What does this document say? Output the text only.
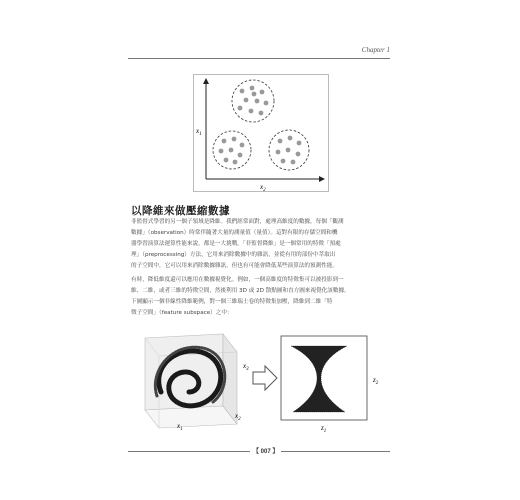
Chapter 1
$x_1$
$x_2$
以降維來做壓縮數據
非監督式學習的另一個子領域是降維。我們經常面對，處理高維度的數據，每個「觀測
數據」（observation）時常伴隨著大量的測量值（量值）。這對有限的存儲空間和機
器學習演算法運算性能來說，都是一大挑戰。「非監督降維」是一個常用的特徵「預處
理」（preprocessing）方法，它用來消除數據中的雜訊，並從有用的部份中萃取出
的子空間中，它可以用來消除數據雜訊，但也有可能會降低某些演算法的預測性能。
有時，降低維度還可以應用在數據視覺化。例如，一個高維度的特徵集可以被投影到一
維、二維，或者三維的特徵空間，然後利用 3D 或 2D 散點圖和直方圖來視覺化該數據。
下圖顯示一個非線性降維範例，對一個三維瑞士卷的特徵集加壓，降維到二維「特
徵子空間」（feature subspace）之中：
$x_1$
$x_2$
$x_3$
$z_1$
$z_2$
【 007 】
